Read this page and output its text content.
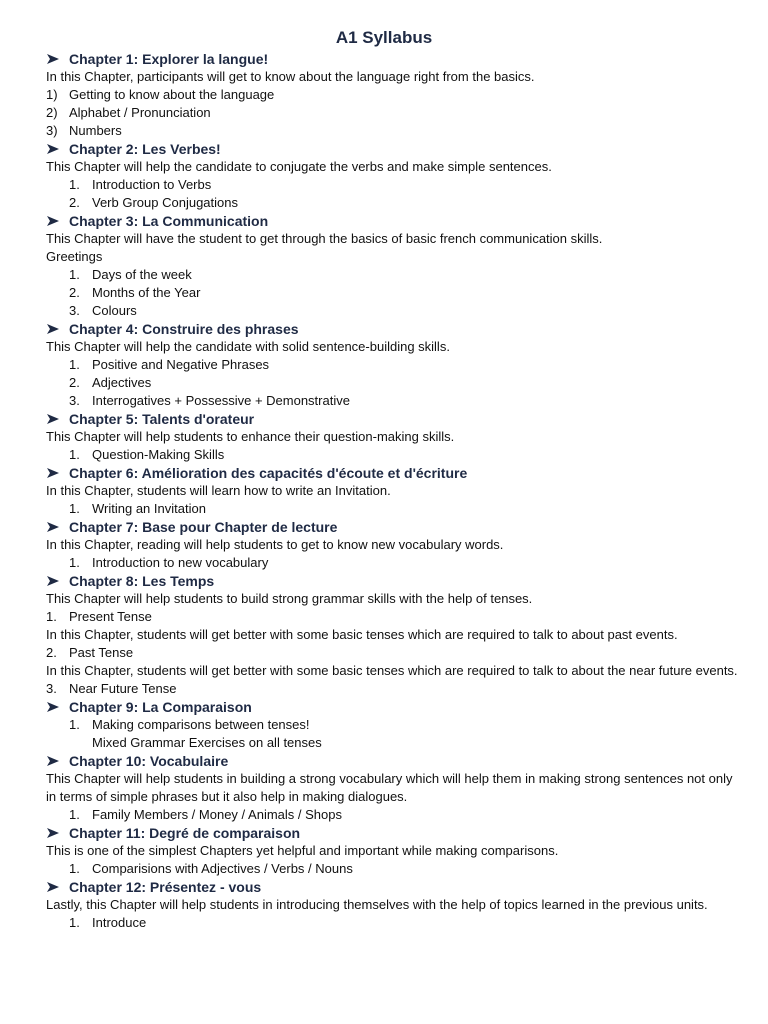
A1 Syllabus
Chapter 1: Explorer la langue!
In this Chapter, participants will get to know about the language right from the basics.
1) Getting to know about the language
2) Alphabet / Pronunciation
3) Numbers
Chapter 2: Les Verbes!
This Chapter will help the candidate to conjugate the verbs and make simple sentences.
1. Introduction to Verbs
2. Verb Group Conjugations
Chapter 3: La Communication
This Chapter will have the student to get through the basics of basic french communication skills.
Greetings
1. Days of the week
2. Months of the Year
3. Colours
Chapter 4: Construire des phrases
This Chapter will help the candidate with solid sentence-building skills.
1. Positive and Negative Phrases
2. Adjectives
3. Interrogatives + Possessive + Demonstrative
Chapter 5: Talents d'orateur
This Chapter will help students to enhance their question-making skills.
1. Question-Making Skills
Chapter 6: Amélioration des capacités d'écoute et d'écriture
In this Chapter, students will learn how to write an Invitation.
1. Writing an Invitation
Chapter 7: Base pour Chapter de lecture
In this Chapter, reading will help students to get to know new vocabulary words.
1. Introduction to new vocabulary
Chapter 8: Les Temps
This Chapter will help students to build strong grammar skills with the help of tenses.
1. Present Tense
In this Chapter, students will get better with some basic tenses which are required to talk to about past events.
2. Past Tense
In this Chapter, students will get better with some basic tenses which are required to talk to about the near future events.
3. Near Future Tense
Chapter 9: La Comparaison
1. Making comparisons between tenses!
Mixed Grammar Exercises on all tenses
Chapter 10: Vocabulaire
This Chapter will help students in building a strong vocabulary which will help them in making strong sentences not only in terms of simple phrases but it also help in making dialogues.
1. Family Members / Money / Animals / Shops
Chapter 11: Degré de comparaison
This is one of the simplest Chapters yet helpful and important while making comparisons.
1. Comparisions with Adjectives / Verbs / Nouns
Chapter 12: Présentez - vous
Lastly, this Chapter will help students in introducing themselves with the help of topics learned in the previous units.
1. Introduce
